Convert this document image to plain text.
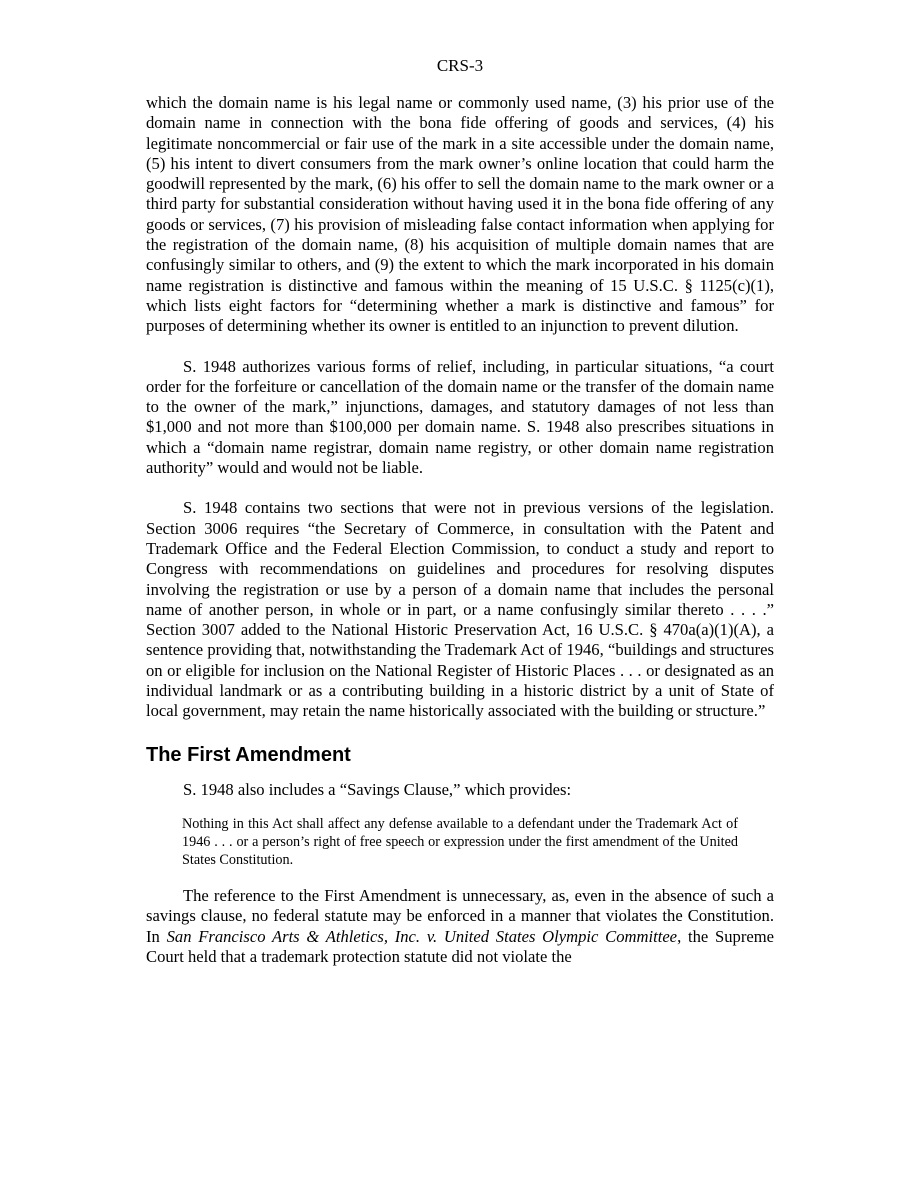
CRS-3

which the domain name is his legal name or commonly used name, (3) his prior use of the domain name in connection with the bona fide offering of goods and services, (4) his legitimate noncommercial or fair use of the mark in a site accessible under the domain name, (5) his intent to divert consumers from the mark owner’s online location that could harm the goodwill represented by the mark, (6) his offer to sell the domain name to the mark owner or a third party for substantial consideration without having used it in the bona fide offering of any goods or services, (7) his provision of misleading false contact information when applying for the registration of the domain name, (8) his acquisition of multiple domain names that are confusingly similar to others, and (9) the extent to which the mark incorporated in his domain name registration is distinctive and famous within the meaning of 15 U.S.C. § 1125(c)(1), which lists eight factors for “determining whether a mark is distinctive and famous” for purposes of determining whether its owner is entitled to an injunction to prevent dilution.

S. 1948 authorizes various forms of relief, including, in particular situations, “a court order for the forfeiture or cancellation of the domain name or the transfer of the domain name to the owner of the mark,” injunctions, damages, and statutory damages of not less than $1,000 and not more than $100,000 per domain name. S. 1948 also prescribes situations in which a “domain name registrar, domain name registry, or other domain name registration authority” would and would not be liable.

S. 1948 contains two sections that were not in previous versions of the legislation. Section 3006 requires “the Secretary of Commerce, in consultation with the Patent and Trademark Office and the Federal Election Commission, to conduct a study and report to Congress with recommendations on guidelines and procedures for resolving disputes involving the registration or use by a person of a domain name that includes the personal name of another person, in whole or in part, or a name confusingly similar thereto . . . .” Section 3007 added to the National Historic Preservation Act, 16 U.S.C. § 470a(a)(1)(A), a sentence providing that, notwithstanding the Trademark Act of 1946, “buildings and structures on or eligible for inclusion on the National Register of Historic Places . . . or designated as an individual landmark or as a contributing building in a historic district by a unit of State of local government, may retain the name historically associated with the building or structure.”

The First Amendment

S. 1948 also includes a “Savings Clause,” which provides:

Nothing in this Act shall affect any defense available to a defendant under the Trademark Act of 1946 . . . or a person’s right of free speech or expression under the first amendment of the United States Constitution.

The reference to the First Amendment is unnecessary, as, even in the absence of such a savings clause, no federal statute may be enforced in a manner that violates the Constitution. In San Francisco Arts & Athletics, Inc. v. United States Olympic Committee, the Supreme Court held that a trademark protection statute did not violate the
